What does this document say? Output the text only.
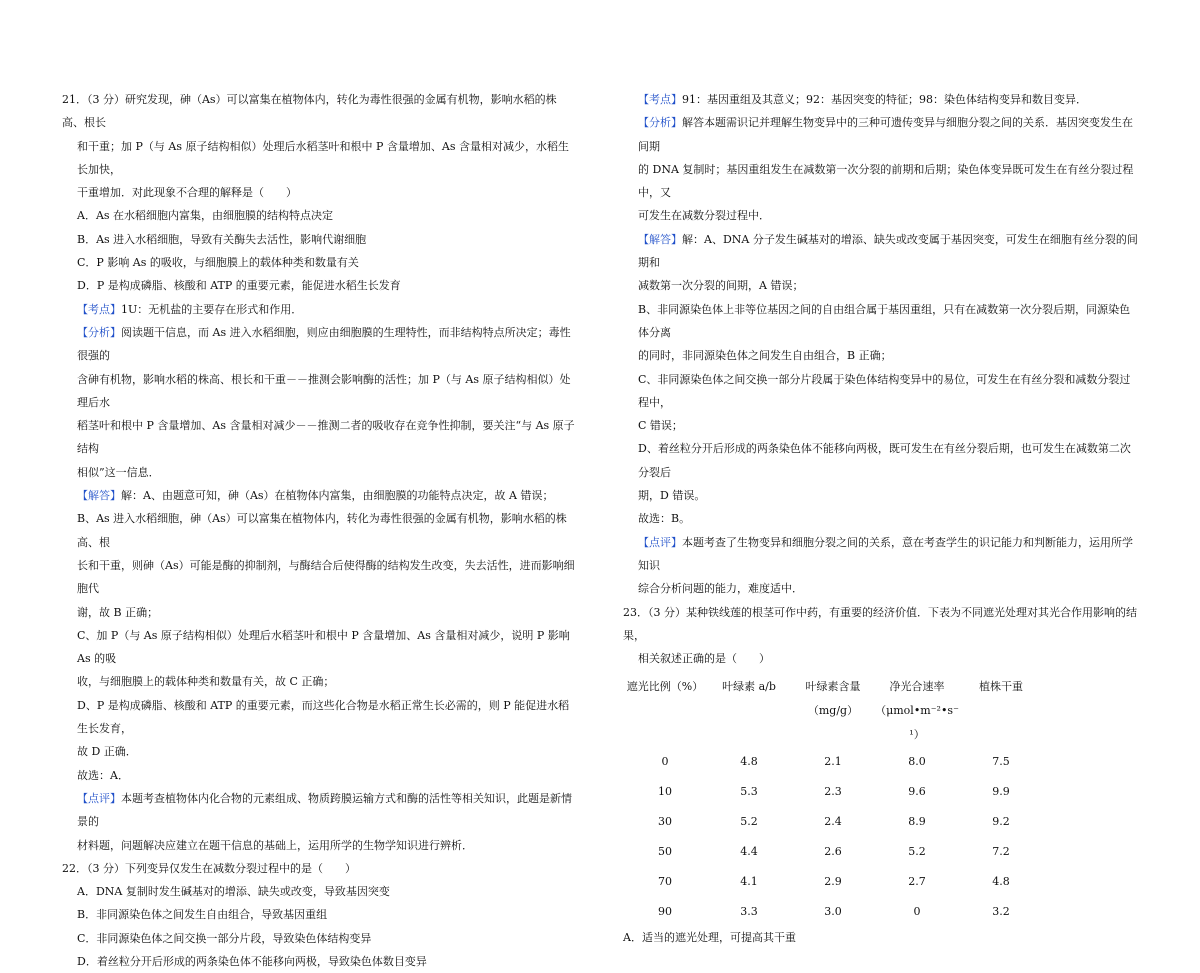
21．（3 分）研究发现，砷（As）可以富集在植物体内，转化为毒性很强的金属有机物，影响水稻的株高、根长

和干重；加 P（与 As 原子结构相似）处理后水稻茎叶和根中 P 含量增加、As 含量相对减少，水稻生长加快，

干重增加．对此现象不合理的解释是（　　）

A．As 在水稻细胞内富集，由细胞膜的结构特点决定

B．As 进入水稻细胞，导致有关酶失去活性，影响代谢细胞

C．P 影响 As 的吸收，与细胞膜上的载体种类和数量有关

D．P 是构成磷脂、核酸和 ATP 的重要元素，能促进水稻生长发育

【考点】1U：无机盐的主要存在形式和作用．

【分析】阅读题干信息，而 As 进入水稻细胞，则应由细胞膜的生理特性，而非结构特点所决定；毒性很强的

含砷有机物，影响水稻的株高、根长和干重－－推测会影响酶的活性；加 P（与 As 原子结构相似）处理后水

稻茎叶和根中 P 含量增加、As 含量相对减少－－推测二者的吸收存在竞争性抑制，要关注“与 As 原子结构

相似”这一信息．

【解答】解：A、由题意可知，砷（As）在植物体内富集，由细胞膜的功能特点决定，故 A 错误；

B、As 进入水稻细胞，砷（As）可以富集在植物体内，转化为毒性很强的金属有机物，影响水稻的株高、根

长和干重，则砷（As）可能是酶的抑制剂，与酶结合后使得酶的结构发生改变，失去活性，进而影响细胞代

谢，故 B 正确；

C、加 P（与 As 原子结构相似）处理后水稻茎叶和根中 P 含量增加、As 含量相对减少，说明 P 影响 As 的吸

收，与细胞膜上的载体种类和数量有关，故 C 正确；

D、P 是构成磷脂、核酸和 ATP 的重要元素，而这些化合物是水稻正常生长必需的，则 P 能促进水稻生长发育，

故 D 正确．

故选：A．

【点评】本题考查植物体内化合物的元素组成、物质跨膜运输方式和酶的活性等相关知识，此题是新情景的

材料题，问题解决应建立在题干信息的基础上，运用所学的生物学知识进行辨析．

22．（3 分）下列变异仅发生在减数分裂过程中的是（　　）

A．DNA 复制时发生碱基对的增添、缺失或改变，导致基因突变

B．非同源染色体之间发生自由组合，导致基因重组

C．非同源染色体之间交换一部分片段，导致染色体结构变异

D．着丝粒分开后形成的两条染色体不能移向两极，导致染色体数目变异

【考点】91：基因重组及其意义；92：基因突变的特征；98：染色体结构变异和数目变异．

【分析】解答本题需识记并理解生物变异中的三种可遗传变异与细胞分裂之间的关系．基因突变发生在间期

的 DNA 复制时；基因重组发生在减数第一次分裂的前期和后期；染色体变异既可发生在有丝分裂过程中，又

可发生在减数分裂过程中．

【解答】解：A、DNA 分子发生碱基对的增添、缺失或改变属于基因突变，可发生在细胞有丝分裂的间期和

减数第一次分裂的间期，A 错误；

B、非同源染色体上非等位基因之间的自由组合属于基因重组，只有在减数第一次分裂后期，同源染色体分离

的同时，非同源染色体之间发生自由组合，B 正确；

C、非同源染色体之间交换一部分片段属于染色体结构变异中的易位，可发生在有丝分裂和减数分裂过程中，

C 错误；

D、着丝粒分开后形成的两条染色体不能移向两极，既可发生在有丝分裂后期，也可发生在减数第二次分裂后

期，D 错误。

故选：B。

【点评】本题考查了生物变异和细胞分裂之间的关系，意在考查学生的识记能力和判断能力，运用所学知识

综合分析问题的能力，难度适中．

23．（3 分）某种铁线莲的根茎可作中药，有重要的经济价值．下表为不同遮光处理对其光合作用影响的结果，

相关叙述正确的是（　　）

遮光比例（%）	叶绿素 a/b	叶绿素含量	净光合速率	植株干重
		（mg/g）	（μmol•m⁻²•s⁻	
			¹）	
0	4.8	2.1	8.0	7.5
10	5.3	2.3	9.6	9.9
30	5.2	2.4	8.9	9.2
50	4.4	2.6	5.2	7.2
70	4.1	2.9	2.7	4.8
90	3.3	3.0	0	3.2

A．适当的遮光处理，可提高其干重
